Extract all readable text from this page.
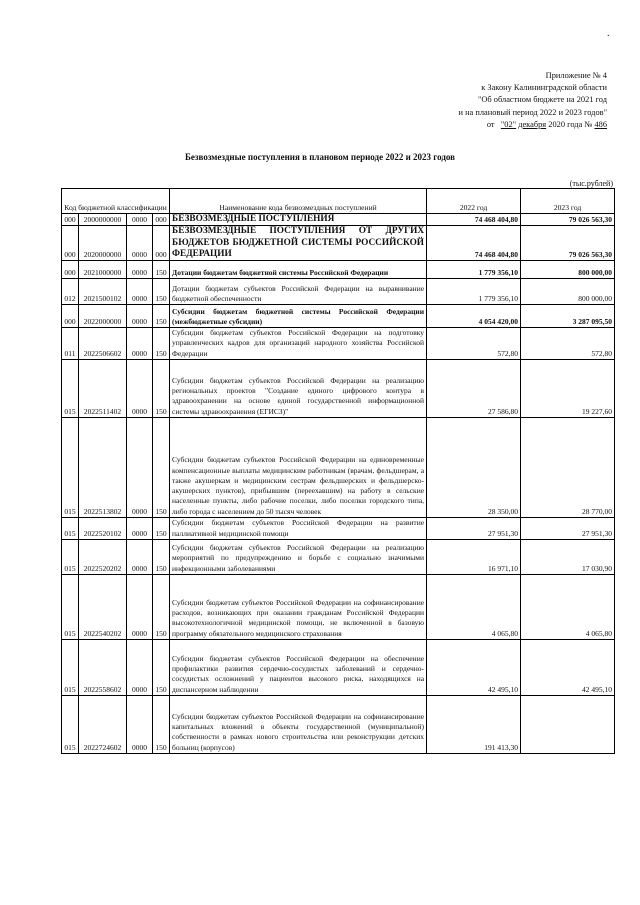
.
Приложение № 4
к Закону Калининградской области
"Об областном бюджете на 2021 год
и на плановый период 2022 и 2023 годов"
от "02" декабря 2020 года № 486
Безвозмездные поступления в плановом периоде 2022 и 2023 годов
(тыс.рублей)
Код бюджетной классификации				Наименование кода безвозмездных поступлений	2022 год	2023 год
000	2000000000	0000	000	БЕЗВОЗМЕЗДНЫЕ ПОСТУПЛЕНИЯ	74 468 404,80	79 026 563,30
000	2020000000	0000	000	БЕЗВОЗМЕЗДНЫЕ ПОСТУПЛЕНИЯ ОТ ДРУГИХ БЮДЖЕТОВ БЮДЖЕТНОЙ СИСТЕМЫ РОССИЙСКОЙ ФЕДЕРАЦИИ	74 468 404,80	79 026 563,30
000	2021000000	0000	150	Дотации бюджетам бюджетной системы Российской Федерации	1 779 356,10	800 000,00
012	2021500102	0000	150	Дотации бюджетам субъектов Российской Федерации на выравнивание бюджетной обеспеченности	1 779 356,10	800 000,00
000	2022000000	0000	150	Субсидии бюджетам бюджетной системы Российской Федерации (межбюджетные субсидии)	4 054 420,00	3 287 095,50
011	2022506602	0000	150	Субсидии бюджетам субъектов Российской Федерации на подготовку управленческих кадров для организаций народного хозяйства Российской Федерации	572,80	572,80
015	2022511402	0000	150	Субсидии бюджетам субъектов Российской Федерации на реализацию региональных проектов "Создание единого цифрового контура в здравоохранении на основе единой государственной информационной системы здравоохранения (ЕГИСЗ)"	27 586,80	19 227,60
015	2022513802	0000	150	Субсидии бюджетам субъектов Российской Федерации на единовременные компенсационные выплаты медицинским работникам (врачам, фельдшерам, а также акушеркам и медицинским сестрам фельдшерских и фельдшерско-акушерских пунктов), прибывшим (переехавшим) на работу в сельские населенные пункты, либо рабочие поселки, либо поселки городского типа, либо города с населением до 50 тысяч человек	28 350,00	28 770,00
015	2022520102	0000	150	Субсидии бюджетам субъектов Российской Федерации на развитие паллиативной медицинской помощи	27 951,30	27 951,30
015	2022520202	0000	150	Субсидии бюджетам субъектов Российской Федерации на реализацию мероприятий по предупреждению и борьбе с социально значимыми инфекционными заболеваниями	16 971,10	17 030,90
015	2022540202	0000	150	Субсидии бюджетам субъектов Российской Федерации на софинансирование расходов, возникающих при оказании гражданам Российской Федерации высокотехнологичной медицинской помощи, не включенной в базовую программу обязательного медицинского страхования	4 065,80	4 065,80
015	2022558602	0000	150	Субсидии бюджетам субъектов Российской Федерации на обеспечение профилактики развития сердечно-сосудистых заболеваний и сердечно-сосудистых осложнений у пациентов высокого риска, находящихся на диспансерном наблюдении	42 495,10	42 495,10
015	2022724602	0000	150	Субсидии бюджетам субъектов Российской Федерации на софинансирование капитальных вложений в объекты государственной (муниципальной) собственности в рамках нового строительства или реконструкции детских больниц (корпусов)	191 413,30	
